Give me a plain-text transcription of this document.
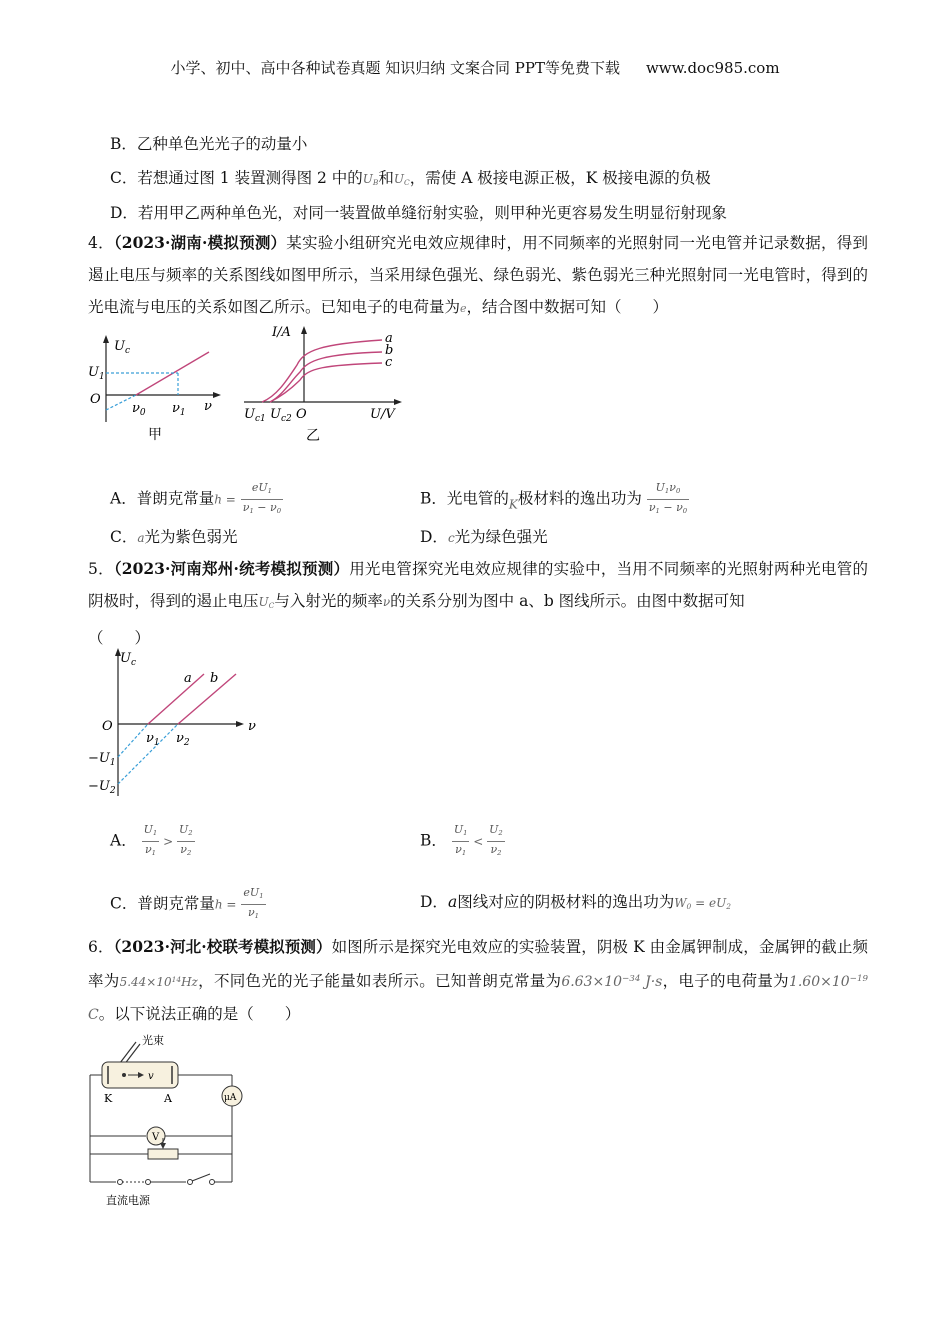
小学、初中、高中各种试卷真题 知识归纳 文案合同 PPT等免费下载 www.doc985.com
B．乙种单色光光子的动量小
C．若想通过图 1 装置测得图 2 中的$U_B$和$U_C$，需使 A 极接电源正极，K 极接电源的负极
D．若用甲乙两种单色光，对同一装置做单缝衍射实验，则甲种光更容易发生明显衍射现象
4．（2023·湖南·模拟预测）某实验小组研究光电效应规律时，用不同频率的光照射同一光电管并记录数据，得到遏止电压与频率的关系图线如图甲所示，当采用绿色强光、绿色弱光、紫色弱光三种光照射同一光电管时，得到的光电流与电压的关系如图乙所示。已知电子的电荷量为e，结合图中数据可知（　　）
$U_c$
$U_1$
O
$\nu_0$ $\nu_1$ ν
甲
I/A	a
b
c
$U_{c1}$ $U_{c2}$ O	U/V
乙
A．普朗克常量$h = \frac{eU_1}{\nu_1 - \nu_0}$	B．光电管的$_K$极材料的逸出功为 $\frac{U_1\nu_0}{\nu_1 - \nu_0}$
C．a光为紫色弱光	D．c光为绿色强光
5．（2023·河南郑州·统考模拟预测）用光电管探究光电效应规律的实验中，当用不同频率的光照射两种光电管的阴极时，得到的遏止电压$U_C$与入射光的频率ν的关系分别为图中 a、b 图线所示。由图中数据可知
（　　）
$U_c$
a b
O	ν
$\nu_1$ $\nu_2$
$-U_1$
$-U_2$
A． $\frac{U_1}{\nu_1} > \frac{U_2}{\nu_2}$	B． $\frac{U_1}{\nu_1} < \frac{U_2}{\nu_2}$
C．普朗克常量$h = \frac{eU_1}{\nu_1}$	D．a图线对应的阴极材料的逸出功为$W_0 = eU_2$
6．（2023·河北·校联考模拟预测）如图所示是探究光电效应的实验装置，阴极 K 由金属钾制成，金属钾的截止频率为$5.44\times 10^{14}Hz$，不同色光的光子能量如表所示。已知普朗克常量为$6.63\times 10^{-34}$ J·s，电子的电荷量为$1.60\times 10^{-19}$ C。以下说法正确的是（　　）
光束
v
K	A	μA
V
直流电源
